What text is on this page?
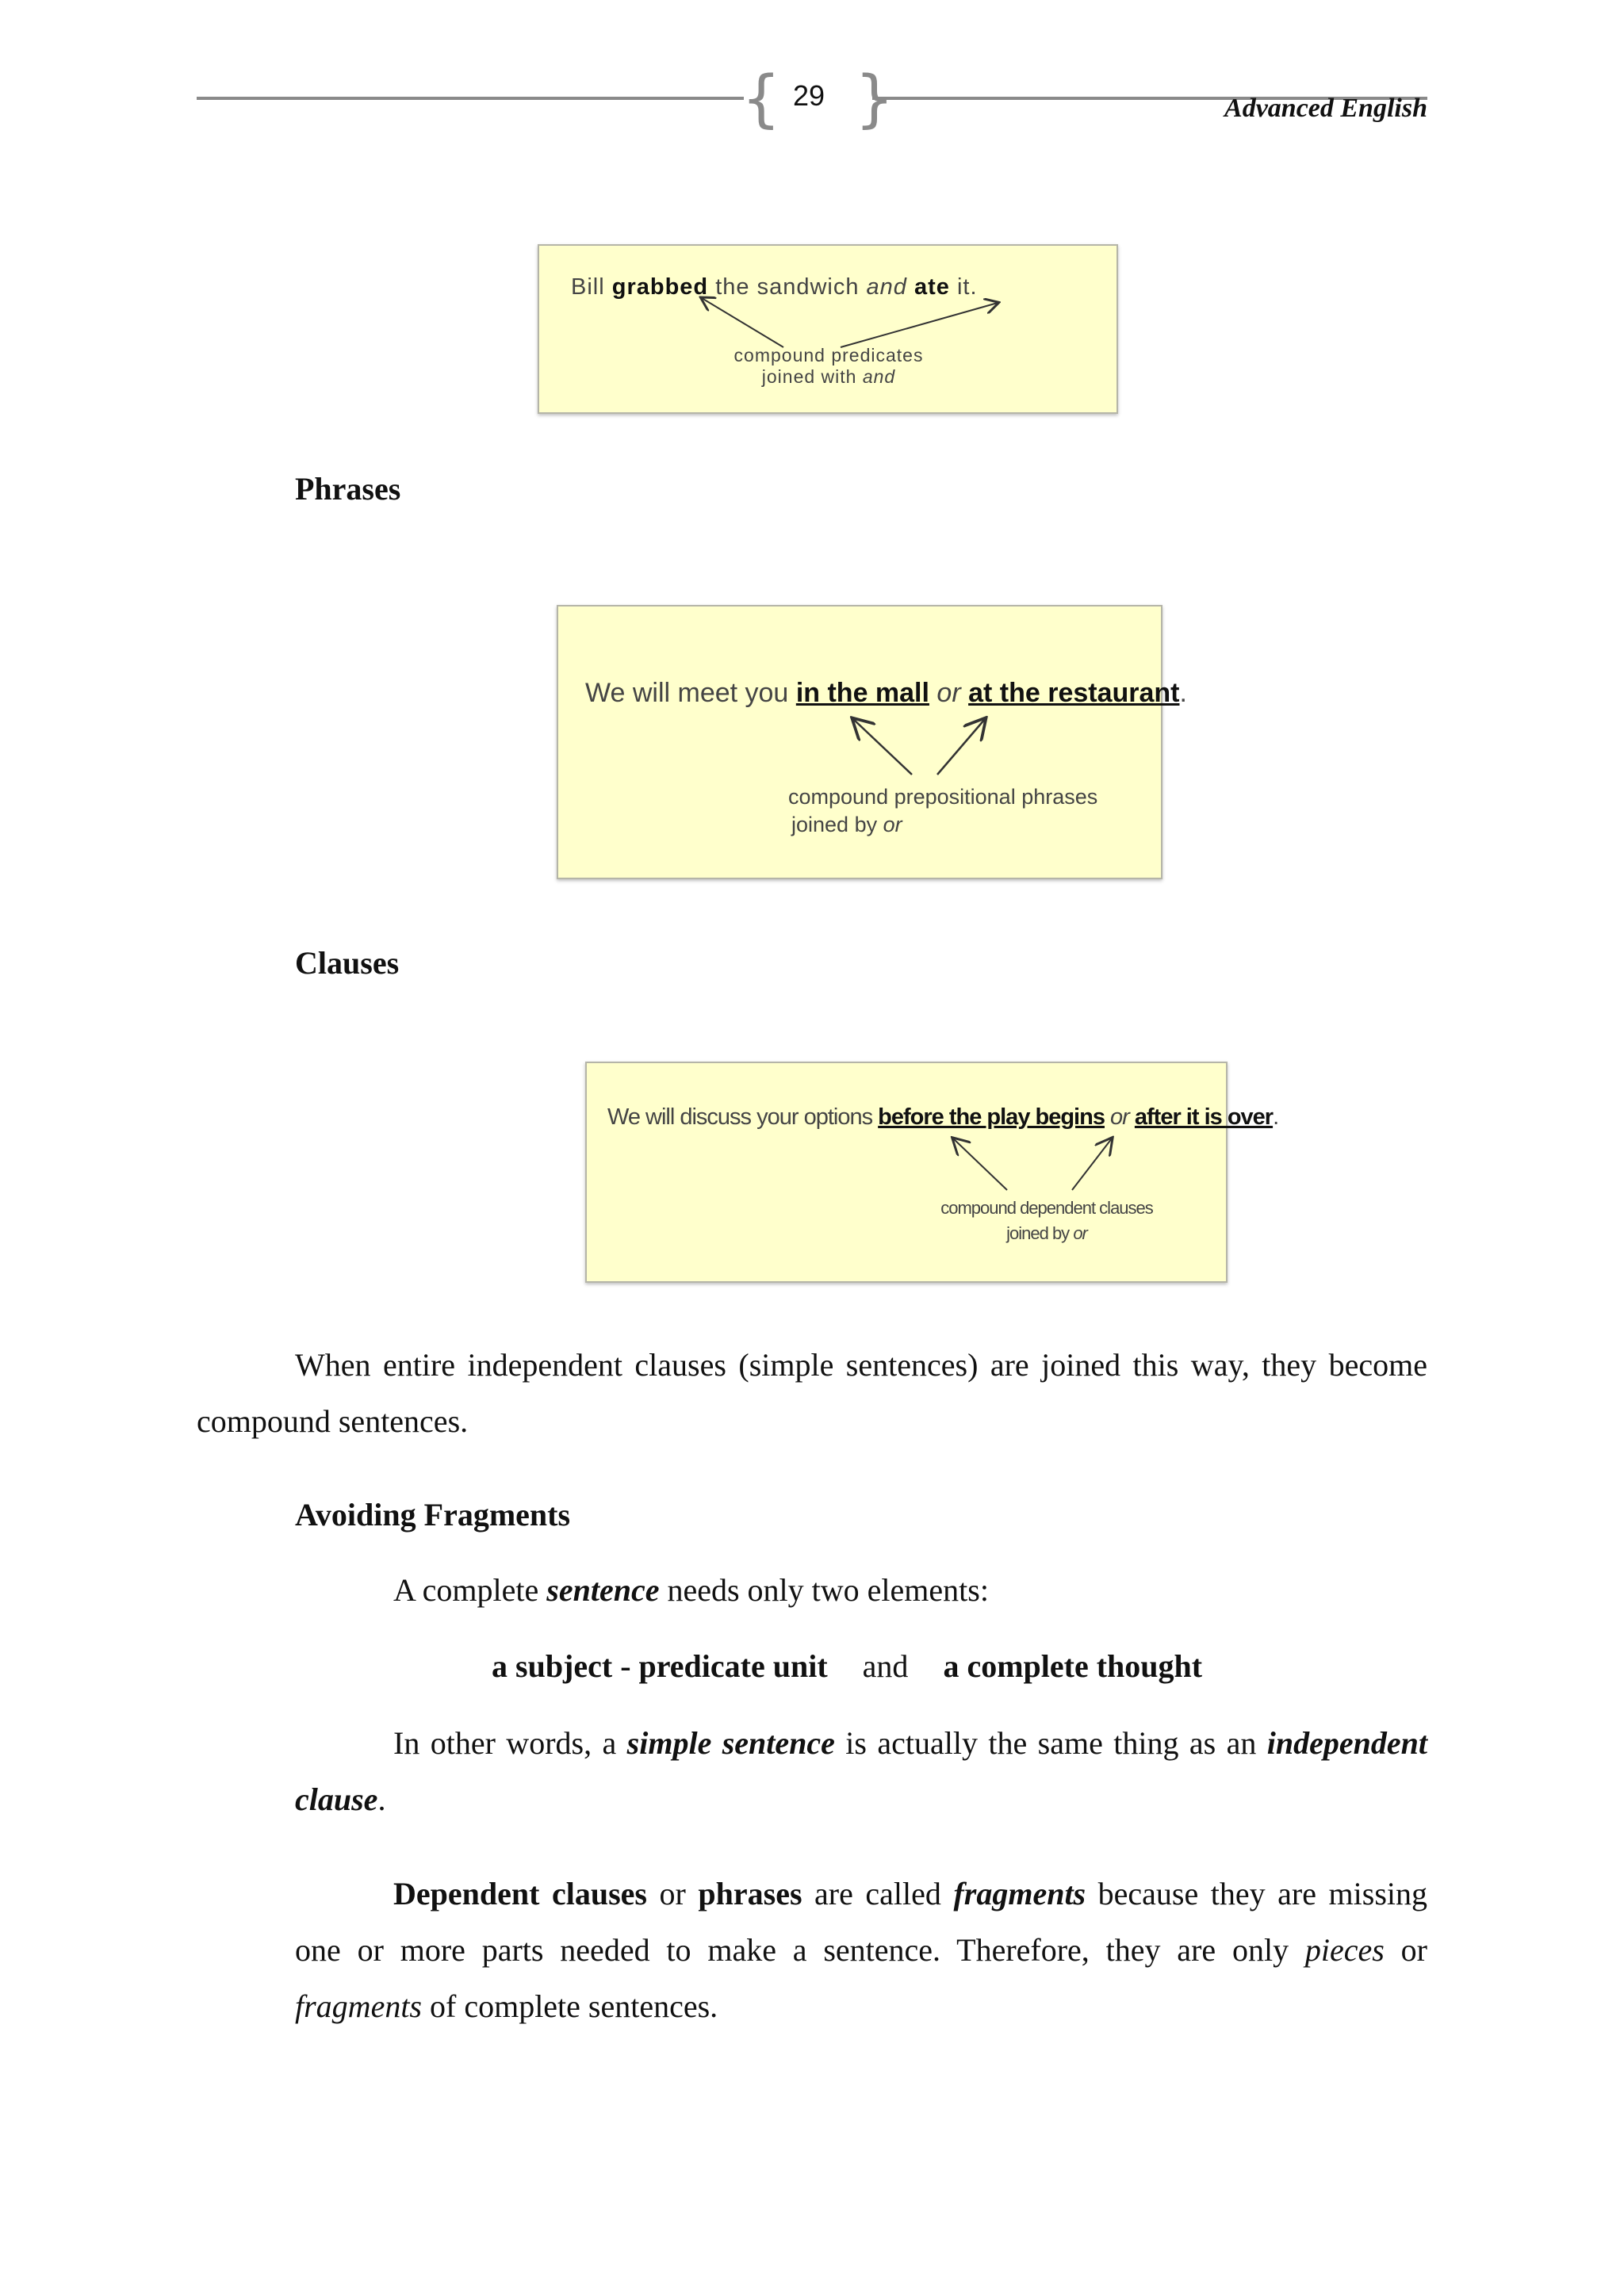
{ }
29	Advanced English
Bill grabbed the sandwich and ate it.
compound predicates
joined with and
Phrases
We will meet you in the mall or at the restaurant.
compound prepositional phrases
joined by or
Clauses
We will discuss your options before the play begins or after it is over.
compound dependent clauses
joined by or
When entire independent clauses (simple sentences) are joined this way, they become
compound sentences.
Avoiding Fragments
A complete sentence needs only two elements:
a subject - predicate unit and a complete thought
In other words, a simple sentence is actually the same thing as an independent
clause.
Dependent clauses or phrases are called fragments because they are missing
one or more parts needed to make a sentence. Therefore, they are only pieces or
fragments of complete sentences.
